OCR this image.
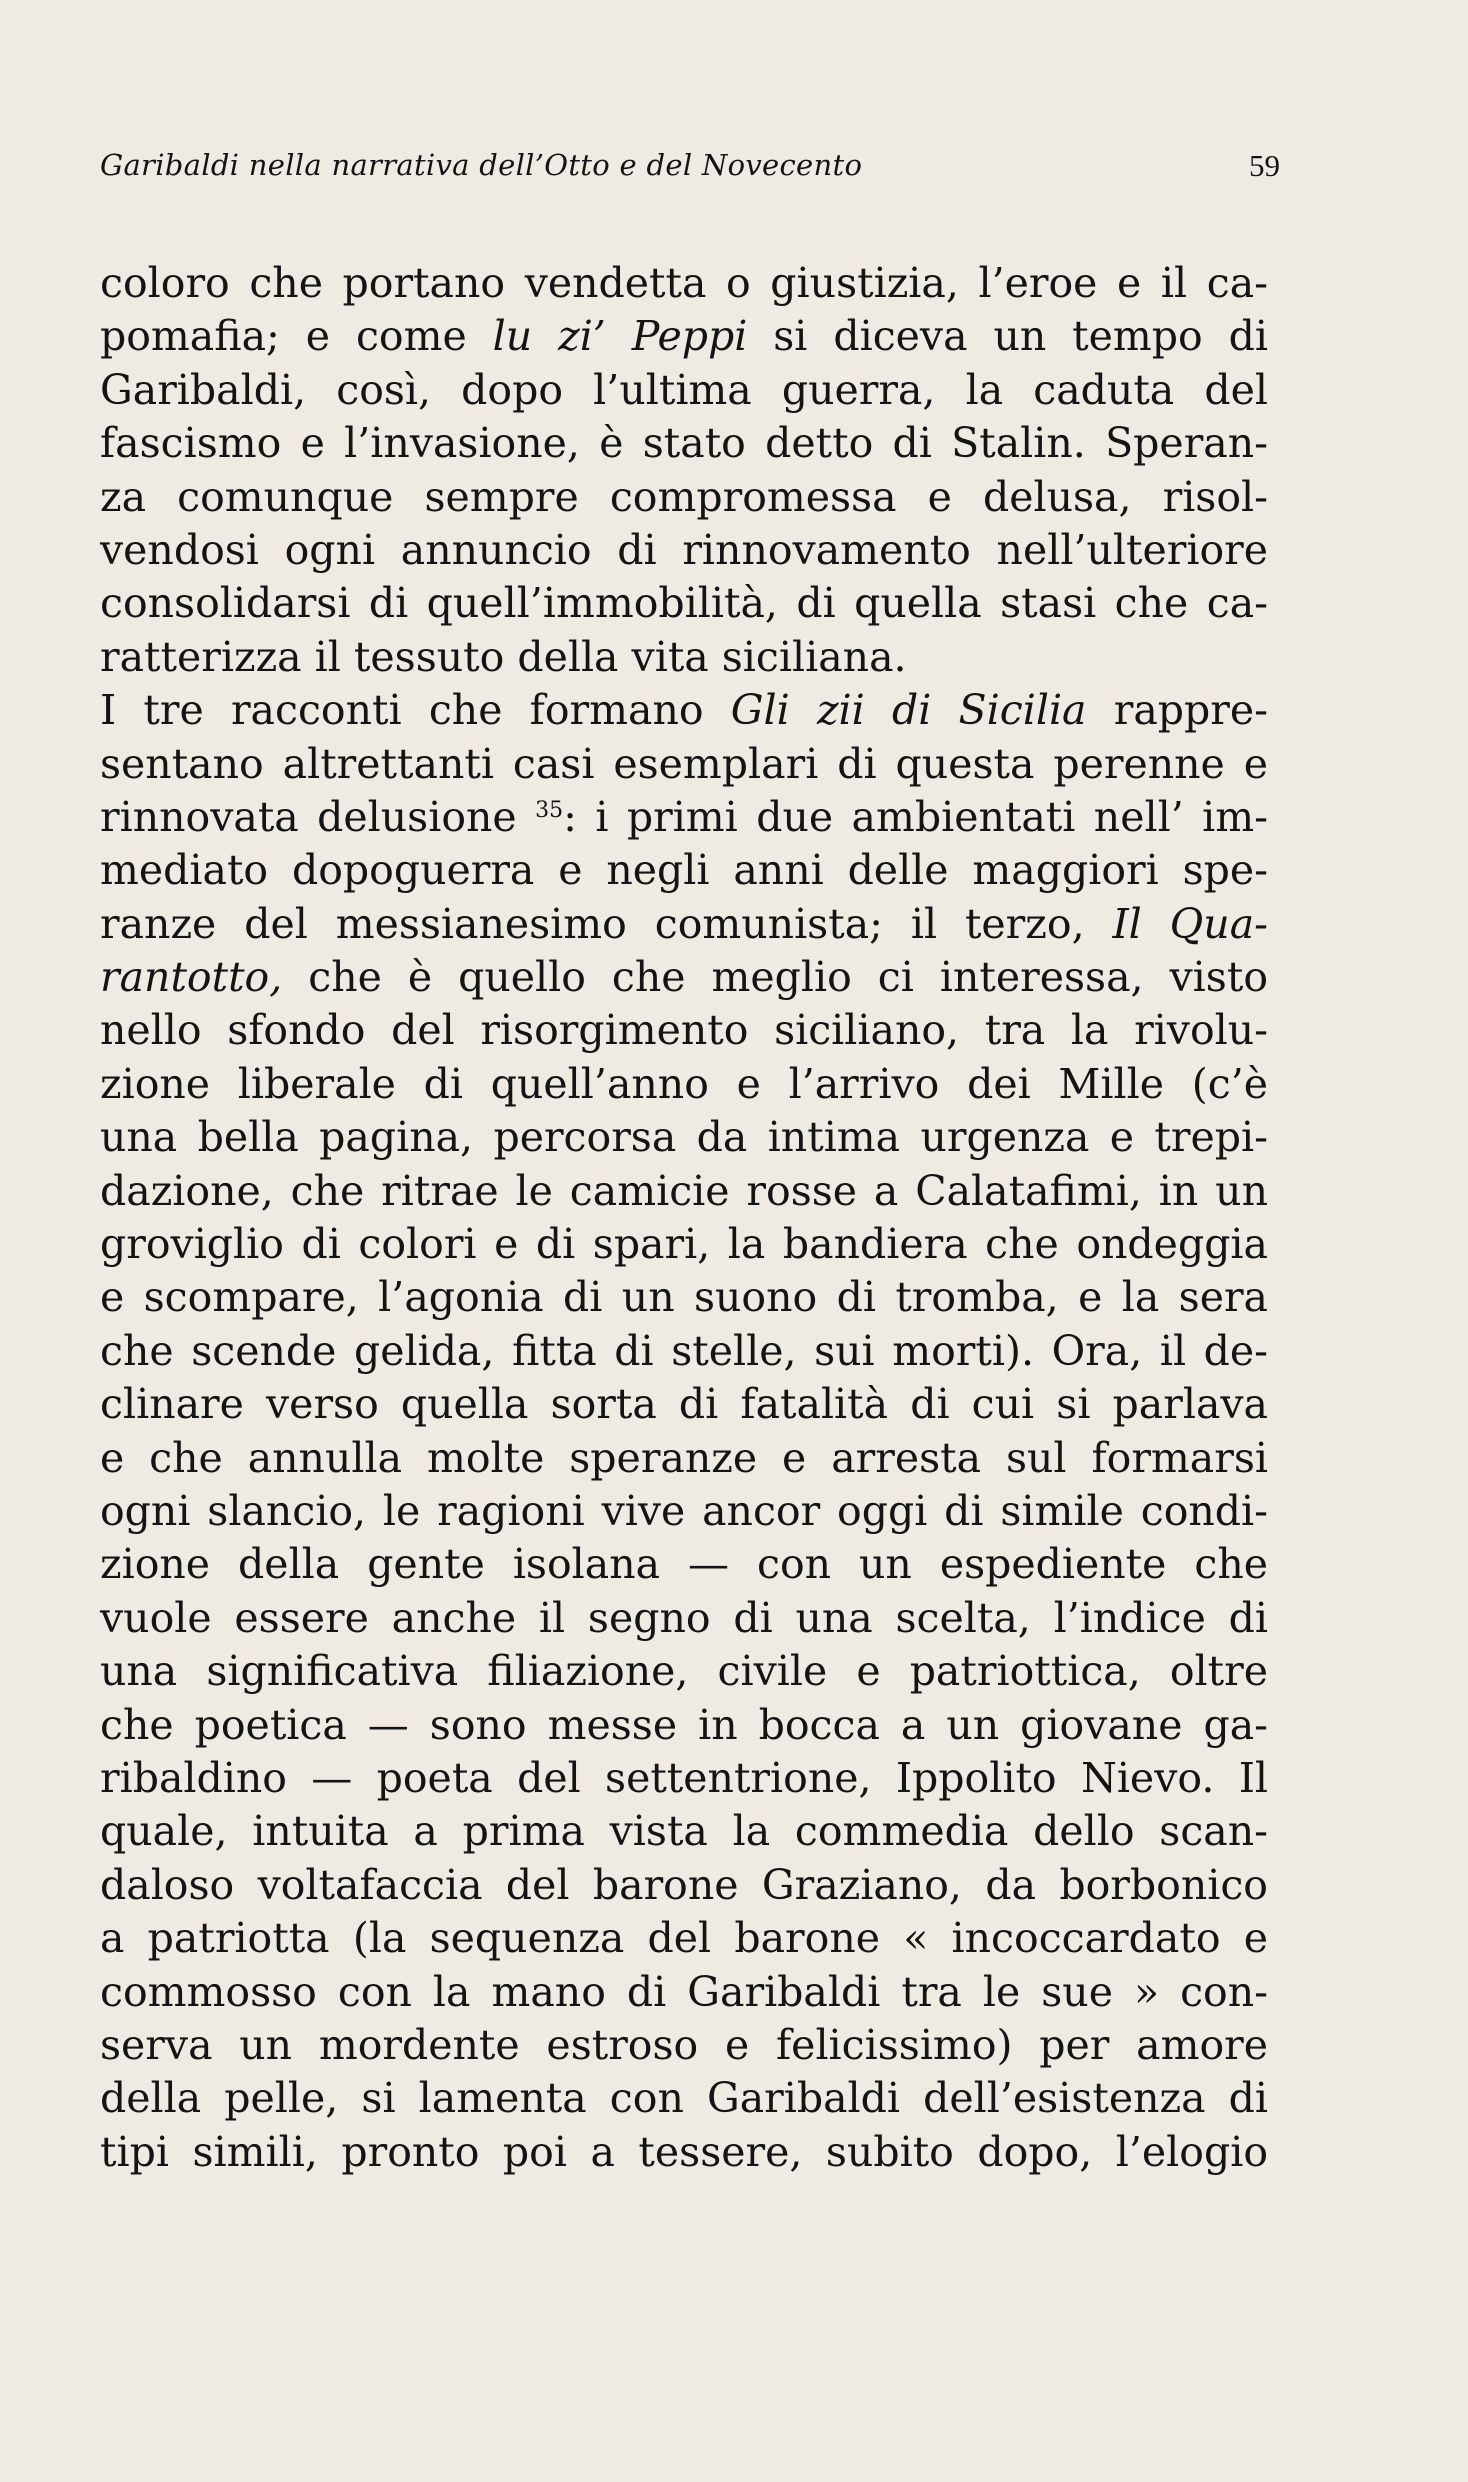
Garibaldi nella narrativa dell’Otto e del Novecento	59
coloro che portano vendetta o giustizia, l’eroe e il ca-
pomafia; e come lu zi’ Peppi si diceva un tempo di
Garibaldi, così, dopo l’ultima guerra, la caduta del
fascismo e l’invasione, è stato detto di Stalin. Speran-
za comunque sempre compromessa e delusa, risol-
vendosi ogni annuncio di rinnovamento nell’ulteriore
consolidarsi di quell’immobilità, di quella stasi che ca-
ratterizza il tessuto della vita siciliana.
I tre racconti che formano Gli zii di Sicilia rappre-
sentano altrettanti casi esemplari di questa perenne e
rinnovata delusione $^{35}$: i primi due ambientati nell’ im-
mediato dopoguerra e negli anni delle maggiori spe-
ranze del messianesimo comunista; il terzo, Il Qua-
rantotto, che è quello che meglio ci interessa, visto
nello sfondo del risorgimento siciliano, tra la rivolu-
zione liberale di quell’anno e l’arrivo dei Mille (c’è
una bella pagina, percorsa da intima urgenza e trepi-
dazione, che ritrae le camicie rosse a Calatafimi, in un
groviglio di colori e di spari, la bandiera che ondeggia
e scompare, l’agonia di un suono di tromba, e la sera
che scende gelida, fitta di stelle, sui morti). Ora, il de-
clinare verso quella sorta di fatalità di cui si parlava
e che annulla molte speranze e arresta sul formarsi
ogni slancio, le ragioni vive ancor oggi di simile condi-
zione della gente isolana — con un espediente che
vuole essere anche il segno di una scelta, l’indice di
una significativa filiazione, civile e patriottica, oltre
che poetica — sono messe in bocca a un giovane ga-
ribaldino — poeta del settentrione, Ippolito Nievo. Il
quale, intuita a prima vista la commedia dello scan-
daloso voltafaccia del barone Graziano, da borbonico
a patriotta (la sequenza del barone « incoccardato e
commosso con la mano di Garibaldi tra le sue » con-
serva un mordente estroso e felicissimo) per amore
della pelle, si lamenta con Garibaldi dell’esistenza di
tipi simili, pronto poi a tessere, subito dopo, l’elogio
